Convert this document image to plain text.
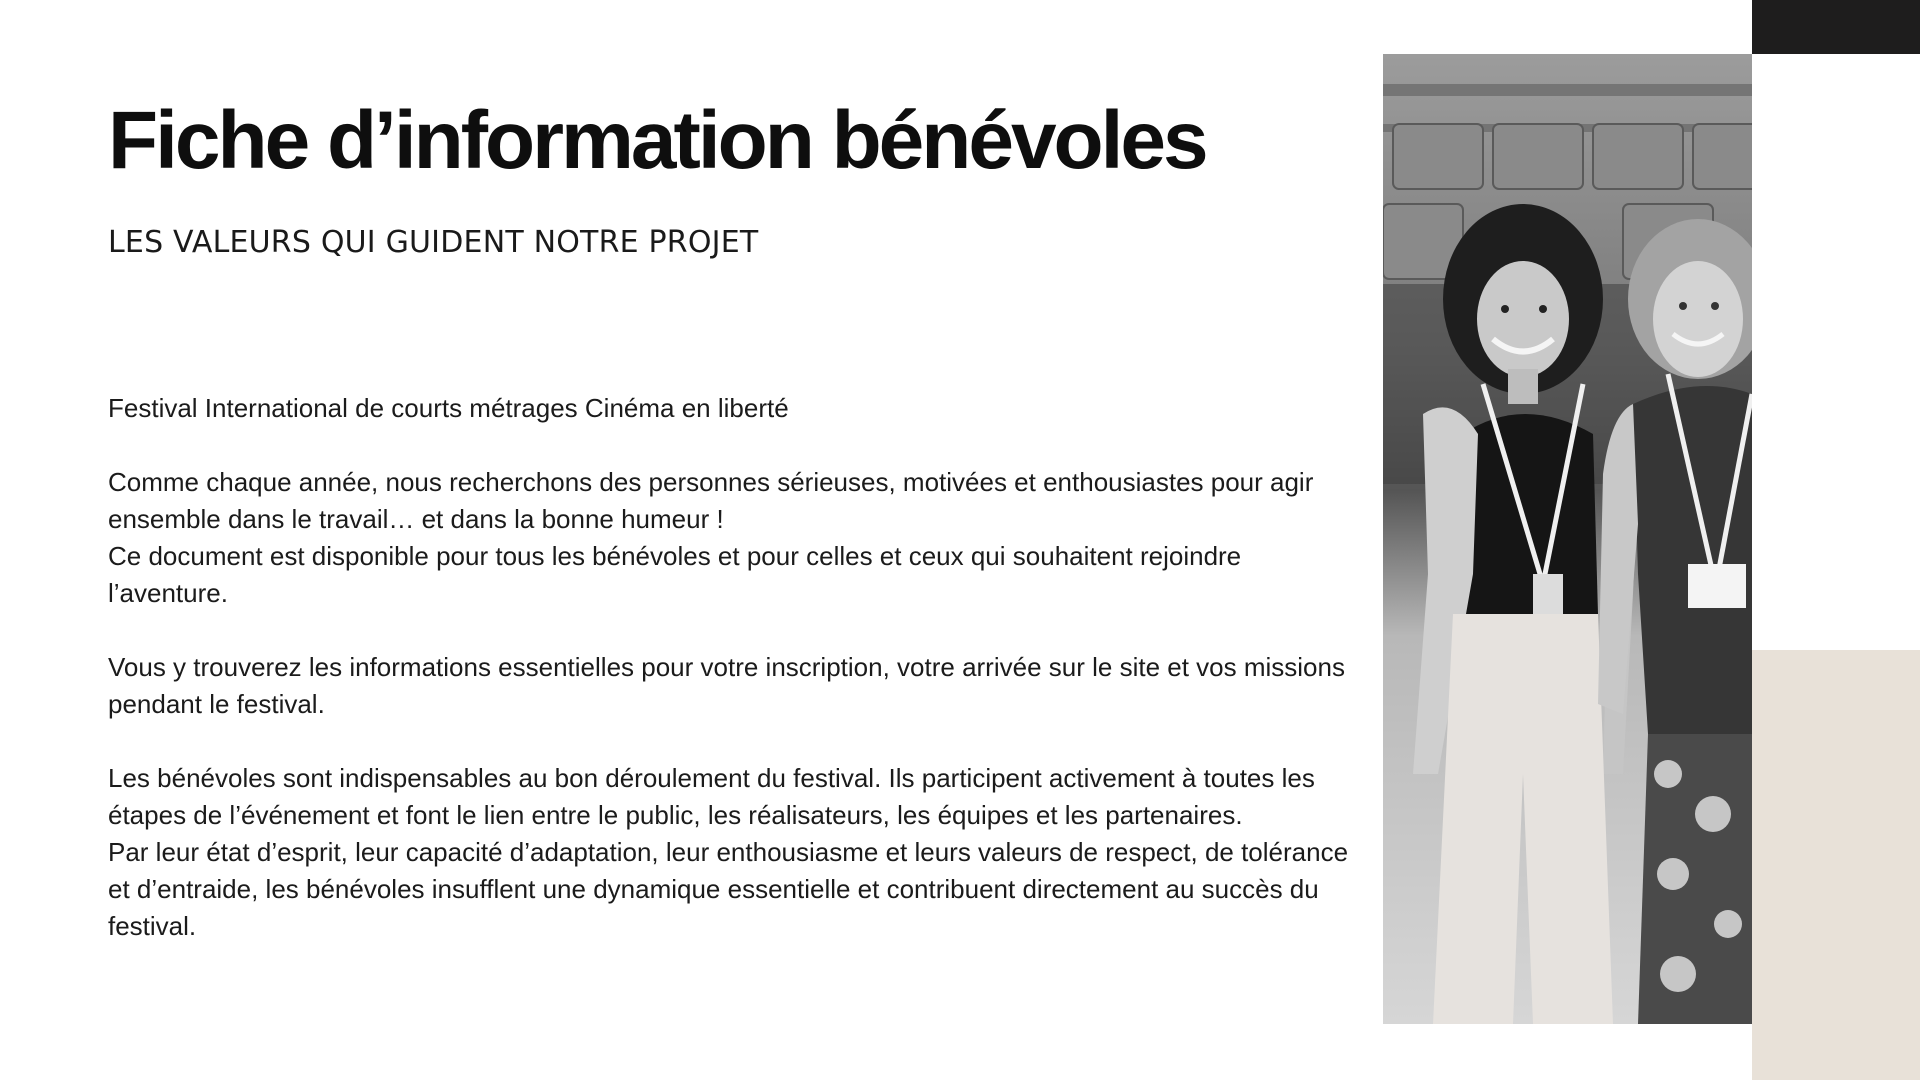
Fiche d’information bénévoles
LES VALEURS QUI GUIDENT NOTRE PROJET

Festival International de courts métrages Cinéma en liberté

Comme chaque année, nous recherchons des personnes sérieuses, motivées et enthousiastes pour agir ensemble dans le travail… et dans la bonne humeur !
Ce document est disponible pour tous les bénévoles et pour celles et ceux qui souhaitent rejoindre l’aventure.

Vous y trouverez les informations essentielles pour votre inscription, votre arrivée sur le site et vos missions pendant le festival.

Les bénévoles sont indispensables au bon déroulement du festival. Ils participent activement à toutes les étapes de l’événement et font le lien entre le public, les réalisateurs, les équipes et les partenaires.
Par leur état d’esprit, leur capacité d’adaptation, leur enthousiasme et leurs valeurs de respect, de tolérance et d’entraide, les bénévoles insufflent une dynamique essentielle et contribuent directement au succès du festival.
